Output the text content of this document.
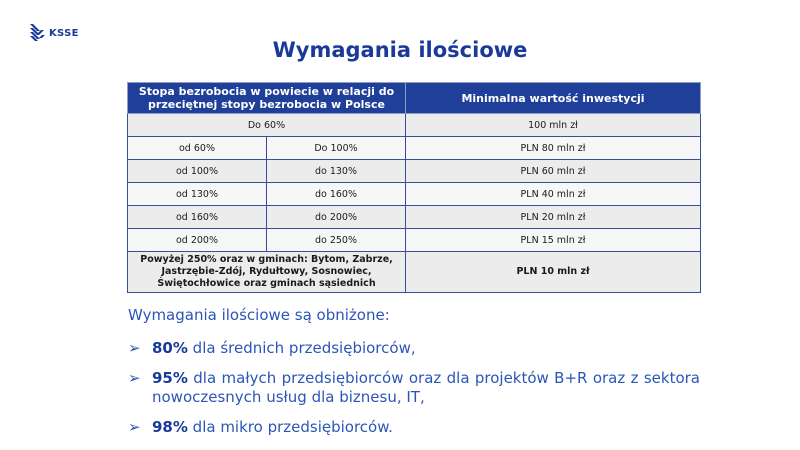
KSSE
Wymagania ilościowe
Stopa bezrobocia w powiecie w relacji do przeciętnej stopy bezrobocia w Polsce		Minimalna wartość inwestycji
Do 60%		100 mln zł
od 60%	Do 100%	PLN 80 mln zł
od 100%	do 130%	PLN 60 mln zł
od 130%	do 160%	PLN 40 mln zł
od 160%	do 200%	PLN 20 mln zł
od 200%	do 250%	PLN 15 mln zł
Powyżej 250% oraz w gminach: Bytom, Zabrze, Jastrzębie-Zdój, Rydułtowy, Sosnowiec, Świętochłowice oraz gminach sąsiednich		PLN 10 mln zł
Wymagania ilościowe są obniżone:
➢ 80% dla średnich przedsiębiorców,
➢ 95% dla małych przedsiębiorców oraz dla projektów B+R oraz z sektora nowoczesnych usług dla biznesu, IT,
➢ 98% dla mikro przedsiębiorców.
